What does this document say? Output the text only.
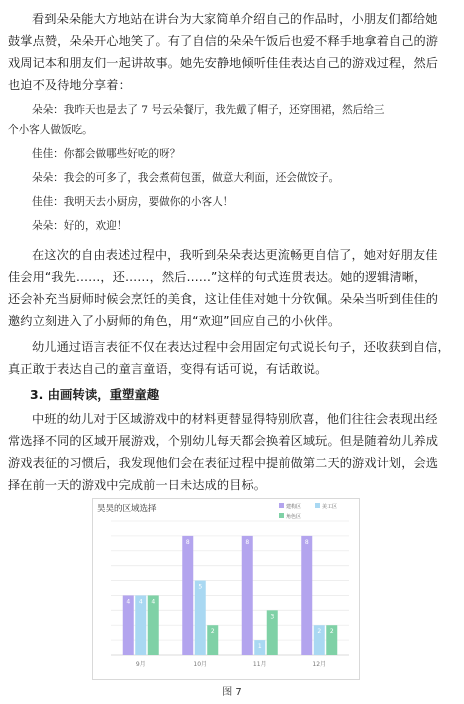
看到朵朵能大方地站在讲台为大家简单介绍自己的作品时，小朋友们都给她
鼓掌点赞，朵朵开心地笑了。有了自信的朵朵午饭后也爱不释手地拿着自己的游
戏周记本和朋友们一起讲故事。她先安静地倾听佳佳表达自己的游戏过程，然后
也迫不及待地分享着：
朵朵：我昨天也是去了 7 号云朵餐厅，我先戴了帽子，还穿围裙，然后给三
个小客人做饭吃。
佳佳：你都会做哪些好吃的呀？
朵朵：我会的可多了，我会煮荷包蛋，做意大利面，还会做饺子。
佳佳：我明天去小厨房，要做你的小客人！
朵朵：好的，欢迎！
在这次的自由表述过程中，我听到朵朵表达更流畅更自信了，她对好朋友佳
佳会用“我先……，还……，然后……”这样的句式连贯表达。她的逻辑清晰，
还会补充当厨师时候会烹饪的美食，这让佳佳对她十分钦佩。朵朵当听到佳佳的
邀约立刻进入了小厨师的角色，用“欢迎”回应自己的小伙伴。
幼儿通过语言表征不仅在表达过程中会用固定句式说长句子，还收获到自信，
真正敢于表达自己的童言童语，变得有话可说，有话敢说。
3. 由画转读，重塑童趣
中班的幼儿对于区域游戏中的材料更替显得特别欣喜，他们往往会表现出经
常选择不同的区域开展游戏，个别幼儿每天都会换着区域玩。但是随着幼儿养成
游戏表征的习惯后，我发现他们会在表征过程中提前做第二天的游戏计划，会选
择在前一天的游戏中完成前一日未达成的目标。
昊昊的区域选择	建构区	美工区
角色区
4 4 4
9月
8
5
2
10月
8
1
3
11月
8
2 2
12月
图 7
